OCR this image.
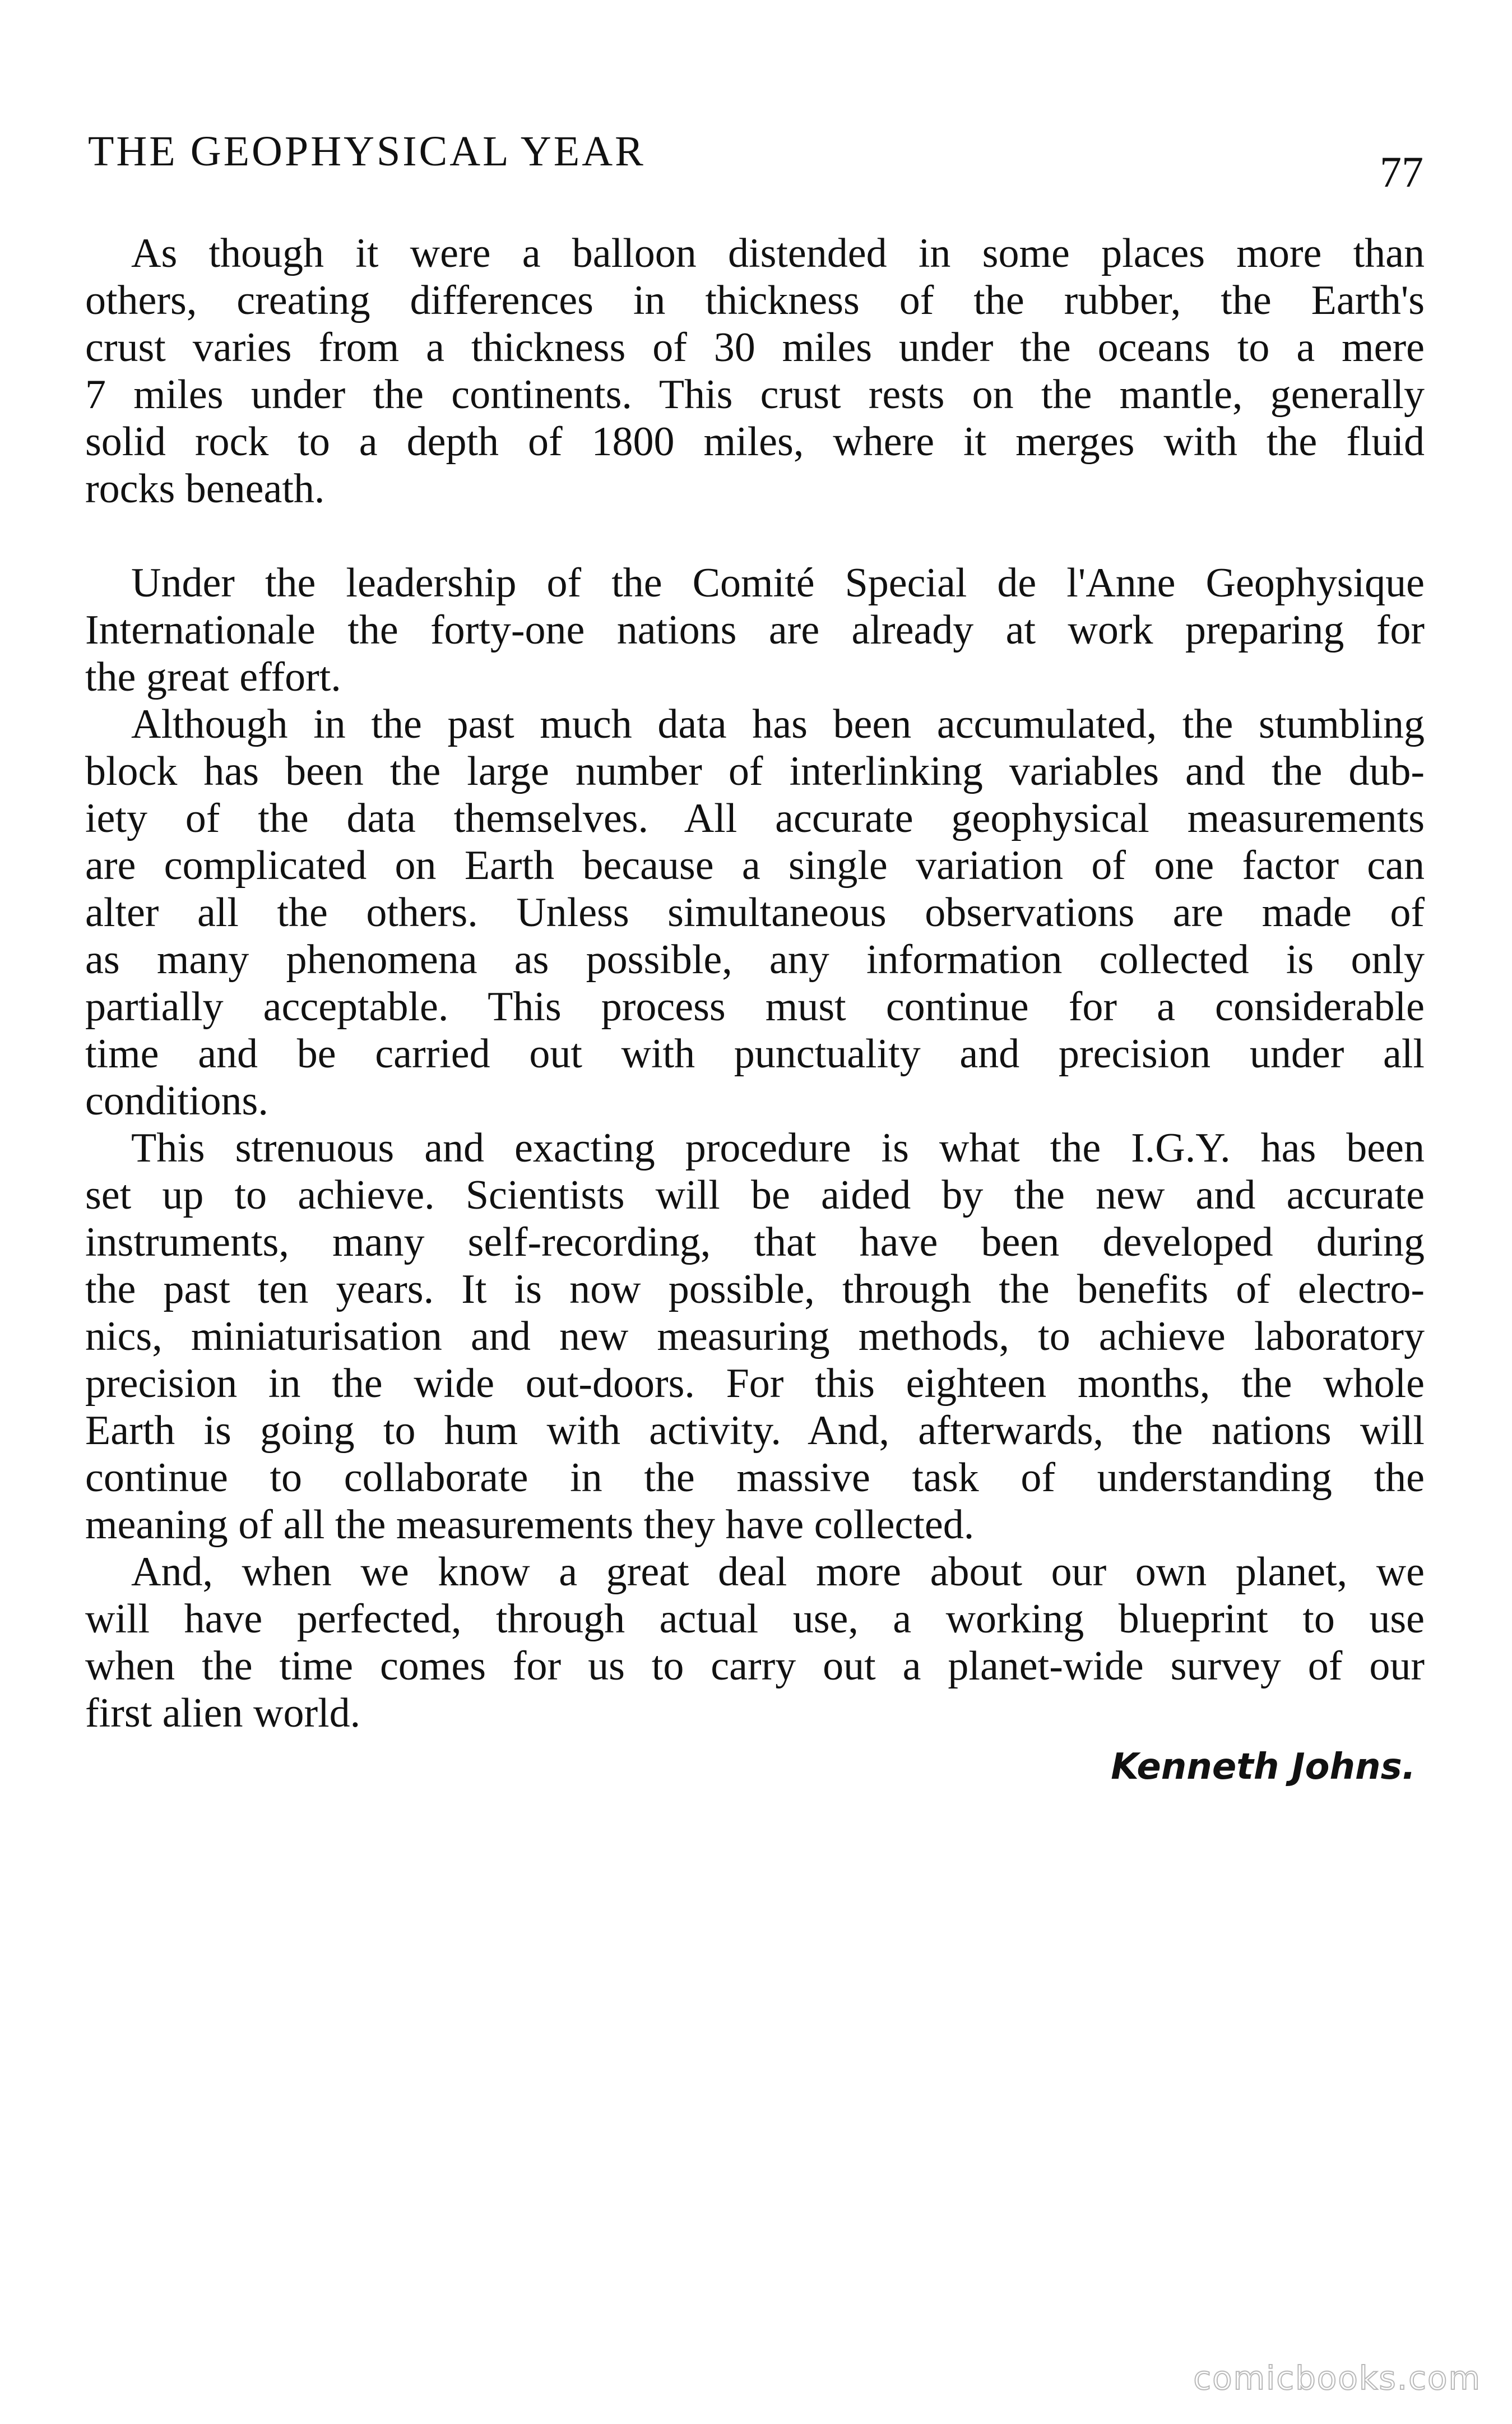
THE GEOPHYSICAL YEAR	77
As though it were a balloon distended in some places more than
others, creating differences in thickness of the rubber, the Earth's
crust varies from a thickness of 30 miles under the oceans to a mere
7 miles under the continents. This crust rests on the mantle, generally
solid rock to a depth of 1800 miles, where it merges with the fluid
rocks beneath.
Under the leadership of the Comité Special de l'Anne Geophysique
Internationale the forty-one nations are already at work preparing for
the great effort.
Although in the past much data has been accumulated, the stumbling
block has been the large number of interlinking variables and the dub-
iety of the data themselves. All accurate geophysical measurements
are complicated on Earth because a single variation of one factor can
alter all the others. Unless simultaneous observations are made of
as many phenomena as possible, any information collected is only
partially acceptable. This process must continue for a considerable
time and be carried out with punctuality and precision under all
conditions.
This strenuous and exacting procedure is what the I.G.Y. has been
set up to achieve. Scientists will be aided by the new and accurate
instruments, many self-recording, that have been developed during
the past ten years. It is now possible, through the benefits of electro-
nics, miniaturisation and new measuring methods, to achieve laboratory
precision in the wide out-doors. For this eighteen months, the whole
Earth is going to hum with activity. And, afterwards, the nations will
continue to collaborate in the massive task of understanding the
meaning of all the measurements they have collected.
And, when we know a great deal more about our own planet, we
will have perfected, through actual use, a working blueprint to use
when the time comes for us to carry out a planet-wide survey of our
first alien world.
Kenneth Johns.
comicbooks.com
